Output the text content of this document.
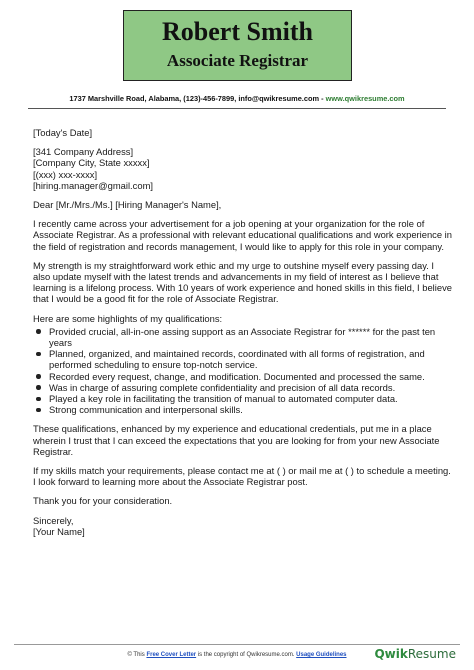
Robert Smith
Associate Registrar
1737 Marshville Road, Alabama, (123)-456-7899, info@qwikresume.com - www.qwikresume.com

[Today's Date]

[341 Company Address]
[Company City, State xxxxx]
[(xxx) xxx-xxxx]
[hiring.manager@gmail.com]

Dear [Mr./Mrs./Ms.] [Hiring Manager's Name],

I recently came across your advertisement for a job opening at your organization for the role of Associate Registrar. As a professional with relevant educational qualifications and work experience in the field of registration and records management, I would like to apply for this role in your company.

My strength is my straightforward work ethic and my urge to outshine myself every passing day. I also update myself with the latest trends and advancements in my field of interest as I believe that learning is a lifelong process. With 10 years of work experience and honed skills in this field, I believe that I would be a good fit for the role of Associate Registrar.

Here are some highlights of my qualifications:

Provided crucial, all-in-one assing support as an Associate Registrar for ****** for the past ten years
Planned, organized, and maintained records, coordinated with all forms of registration, and performed scheduling to ensure top-notch service.
Recorded every request, change, and modification. Documented and processed the same.
Was in charge of assuring complete confidentiality and precision of all data records.
Played a key role in facilitating the transition of manual to automated computer data.
Strong communication and interpersonal skills.

These qualifications, enhanced by my experience and educational credentials, put me in a place wherein I trust that I can exceed the expectations that you are looking for from your new Associate Registrar.

If my skills match your requirements, please contact me at ( ) or mail me at ( ) to schedule a meeting. I look forward to learning more about the Associate Registrar post.

Thank you for your consideration.

Sincerely,
[Your Name]

© This Free Cover Letter is the copyright of Qwikresume.com. Usage Guidelines	QwikResume
